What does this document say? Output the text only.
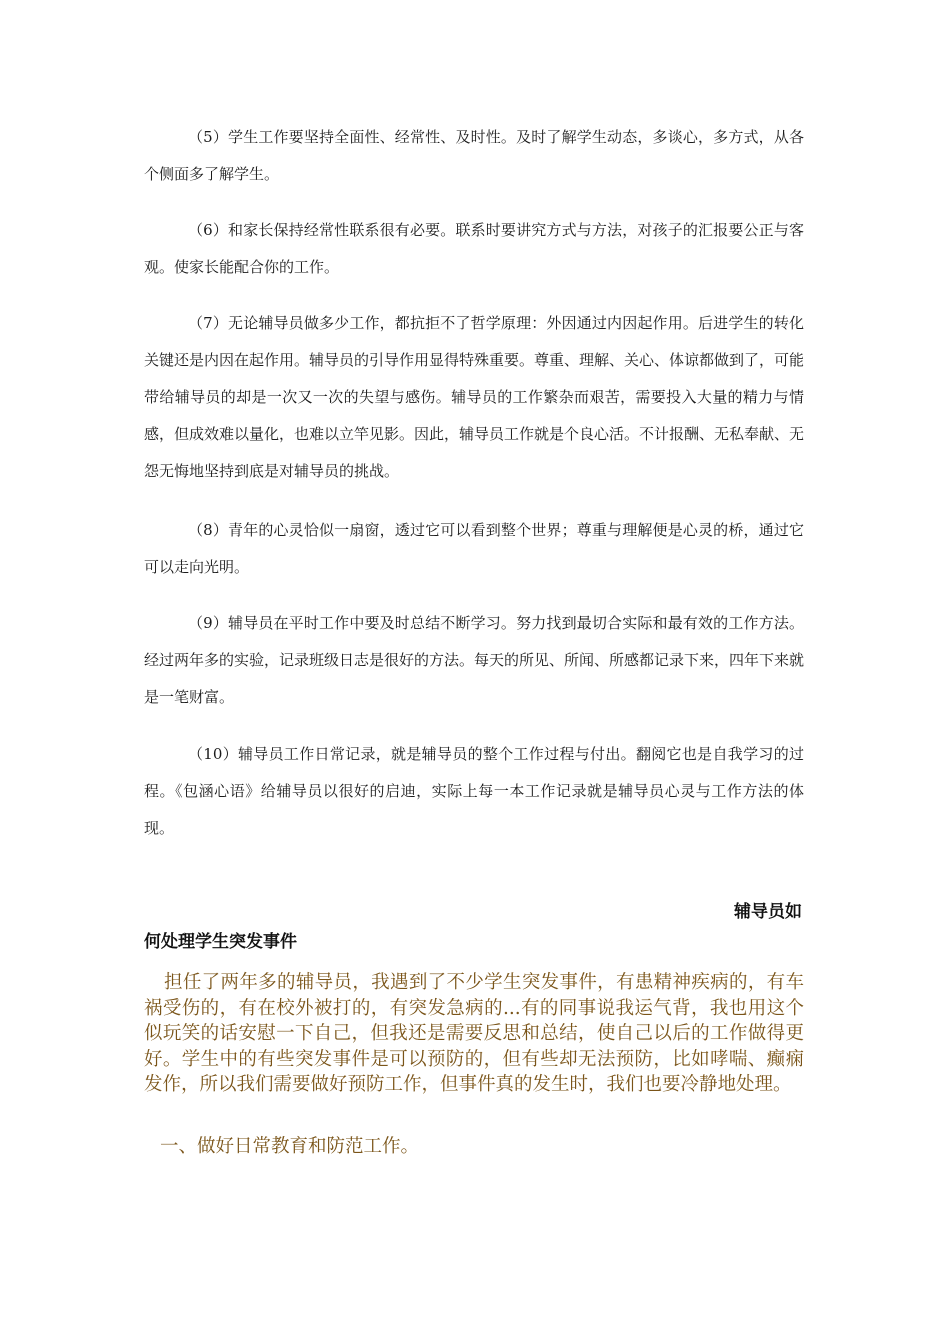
（5）学生工作要坚持全面性、经常性、及时性。及时了解学生动态，多谈心，多方式，从各个侧面多了解学生。

（6）和家长保持经常性联系很有必要。联系时要讲究方式与方法，对孩子的汇报要公正与客观。使家长能配合你的工作。

（7）无论辅导员做多少工作，都抗拒不了哲学原理：外因通过内因起作用。后进学生的转化关键还是内因在起作用。辅导员的引导作用显得特殊重要。尊重、理解、关心、体谅都做到了，可能带给辅导员的却是一次又一次的失望与感伤。辅导员的工作繁杂而艰苦，需要投入大量的精力与情感，但成效难以量化，也难以立竿见影。因此，辅导员工作就是个良心活。不计报酬、无私奉献、无怨无悔地坚持到底是对辅导员的挑战。

（8）青年的心灵恰似一扇窗，透过它可以看到整个世界；尊重与理解便是心灵的桥，通过它可以走向光明。

（9）辅导员在平时工作中要及时总结不断学习。努力找到最切合实际和最有效的工作方法。经过两年多的实验，记录班级日志是很好的方法。每天的所见、所闻、所感都记录下来，四年下来就是一笔财富。

（10）辅导员工作日常记录，就是辅导员的整个工作过程与付出。翻阅它也是自我学习的过程。《包涵心语》给辅导员以很好的启迪，实际上每一本工作记录就是辅导员心灵与工作方法的体现。

辅导员如
何处理学生突发事件

担任了两年多的辅导员，我遇到了不少学生突发事件，有患精神疾病的，有车祸受伤的，有在校外被打的，有突发急病的...有的同事说我运气背，我也用这个似玩笑的话安慰一下自己，但我还是需要反思和总结，使自己以后的工作做得更好。学生中的有些突发事件是可以预防的，但有些却无法预防，比如哮喘、癫痫发作，所以我们需要做好预防工作，但事件真的发生时，我们也要冷静地处理。

一、做好日常教育和防范工作。
